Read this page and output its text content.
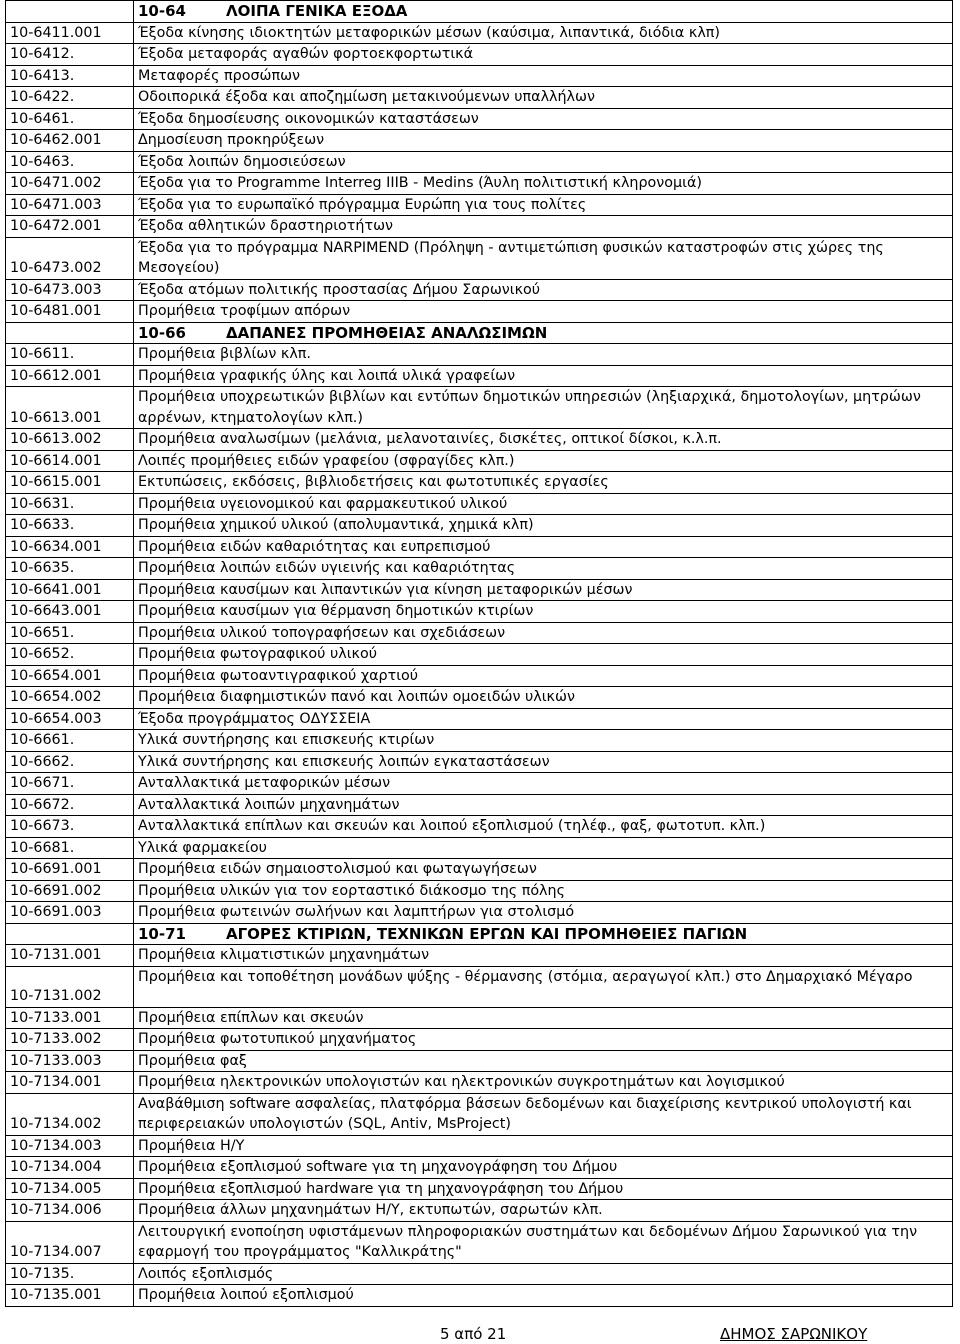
	10-64 ΛΟΙΠΑ ΓΕΝΙΚΑ ΕΞΟΔΑ
10-6411.001	Έξοδα κίνησης ιδιοκτητών μεταφορικών μέσων (καύσιμα, λιπαντικά, διόδια κλπ)
10-6412.	Έξοδα μεταφοράς αγαθών φορτοεκφορτωτικά
10-6413.	Μεταφορές προσώπων
10-6422.	Οδοιπορικά έξοδα και αποζημίωση μετακινούμενων υπαλλήλων
10-6461.	Έξοδα δημοσίευσης οικονομικών καταστάσεων
10-6462.001	Δημοσίευση προκηρύξεων
10-6463.	Έξοδα λοιπών δημοσιεύσεων
10-6471.002	Έξοδα για το Programme Interreg IIIB - Medins (Άυλη πολιτιστική κληρονομιά)
10-6471.003	Έξοδα για το ευρωπαϊκό πρόγραμμα Ευρώπη για τους πολίτες
10-6472.001	Έξοδα αθλητικών δραστηριοτήτων
10-6473.002	Έξοδα για το πρόγραμμα NARPIMEND (Πρόληψη - αντιμετώπιση φυσικών καταστροφών στις χώρες της Μεσογείου)
10-6473.003	Έξοδα ατόμων πολιτικής προστασίας Δήμου Σαρωνικού
10-6481.001	Προμήθεια τροφίμων απόρων
	10-66 ΔΑΠΑΝΕΣ ΠΡΟΜΗΘΕΙΑΣ ΑΝΑΛΩΣΙΜΩΝ
10-6611.	Προμήθεια βιβλίων κλπ.
10-6612.001	Προμήθεια γραφικής ύλης και λοιπά υλικά γραφείων
10-6613.001	Προμήθεια υποχρεωτικών βιβλίων και εντύπων δημοτικών υπηρεσιών (ληξιαρχικά, δημοτολογίων, μητρώων αρρένων, κτηματολογίων κλπ.)
10-6613.002	Προμήθεια αναλωσίμων (μελάνια, μελανοταινίες, δισκέτες, οπτικοί δίσκοι, κ.λ.π.
10-6614.001	Λοιπές προμήθειες ειδών γραφείου (σφραγίδες κλπ.)
10-6615.001	Εκτυπώσεις, εκδόσεις, βιβλιοδετήσεις και φωτοτυπικές εργασίες
10-6631.	Προμήθεια υγειονομικού και φαρμακευτικού υλικού
10-6633.	Προμήθεια χημικού υλικού (απολυμαντικά, χημικά κλπ)
10-6634.001	Προμήθεια ειδών καθαριότητας και ευπρεπισμού
10-6635.	Προμήθεια λοιπών ειδών υγιεινής και καθαριότητας
10-6641.001	Προμήθεια καυσίμων και λιπαντικών για κίνηση μεταφορικών μέσων
10-6643.001	Προμήθεια καυσίμων για θέρμανση δημοτικών κτιρίων
10-6651.	Προμήθεια υλικού τοπογραφήσεων και σχεδιάσεων
10-6652.	Προμήθεια φωτογραφικού υλικού
10-6654.001	Προμήθεια φωτοαντιγραφικού χαρτιού
10-6654.002	Προμήθεια διαφημιστικών πανό και λοιπών ομοειδών υλικών
10-6654.003	Έξοδα προγράμματος ΟΔΥΣΣΕΙΑ
10-6661.	Υλικά συντήρησης και επισκευής κτιρίων
10-6662.	Υλικά συντήρησης και επισκευής λοιπών εγκαταστάσεων
10-6671.	Ανταλλακτικά μεταφορικών μέσων
10-6672.	Ανταλλακτικά λοιπών μηχανημάτων
10-6673.	Ανταλλακτικά επίπλων και σκευών και λοιπού εξοπλισμού (τηλέφ., φαξ, φωτοτυπ. κλπ.)
10-6681.	Υλικά φαρμακείου
10-6691.001	Προμήθεια ειδών σημαιοστολισμού και φωταγωγήσεων
10-6691.002	Προμήθεια υλικών για τον εορταστικό διάκοσμο της πόλης
10-6691.003	Προμήθεια φωτεινών σωλήνων και λαμπτήρων για στολισμό
	10-71 ΑΓΟΡΕΣ ΚΤΙΡΙΩΝ, ΤΕΧΝΙΚΩΝ ΕΡΓΩΝ ΚΑΙ ΠΡΟΜΗΘΕΙΕΣ ΠΑΓΙΩΝ
10-7131.001	Προμήθεια κλιματιστικών μηχανημάτων
10-7131.002	Προμήθεια και τοποθέτηση μονάδων ψύξης - θέρμανσης (στόμια, αεραγωγοί κλπ.) στο Δημαρχιακό Μέγαρο
10-7133.001	Προμήθεια επίπλων και σκευών
10-7133.002	Προμήθεια φωτοτυπικού μηχανήματος
10-7133.003	Προμήθεια φαξ
10-7134.001	Προμήθεια ηλεκτρονικών υπολογιστών και ηλεκτρονικών συγκροτημάτων και λογισμικού
10-7134.002	Αναβάθμιση software ασφαλείας, πλατφόρμα βάσεων δεδομένων και διαχείρισης κεντρικού υπολογιστή και περιφερειακών υπολογιστών (SQL, Antiv, MsProject)
10-7134.003	Προμήθεια Η/Υ
10-7134.004	Προμήθεια εξοπλισμού software για τη μηχανογράφηση του Δήμου
10-7134.005	Προμήθεια εξοπλισμού hardware για τη μηχανογράφηση του Δήμου
10-7134.006	Προμήθεια άλλων μηχανημάτων Η/Υ, εκτυπωτών, σαρωτών κλπ.
10-7134.007	Λειτουργική ενοποίηση υφιστάμενων πληροφοριακών συστημάτων και δεδομένων Δήμου Σαρωνικού για την εφαρμογή του προγράμματος "Καλλικράτης"
10-7135.	Λοιπός εξοπλισμός
10-7135.001	Προμήθεια λοιπού εξοπλισμού
5 από 21	ΔΗΜΟΣ ΣΑΡΩΝΙΚΟΥ
